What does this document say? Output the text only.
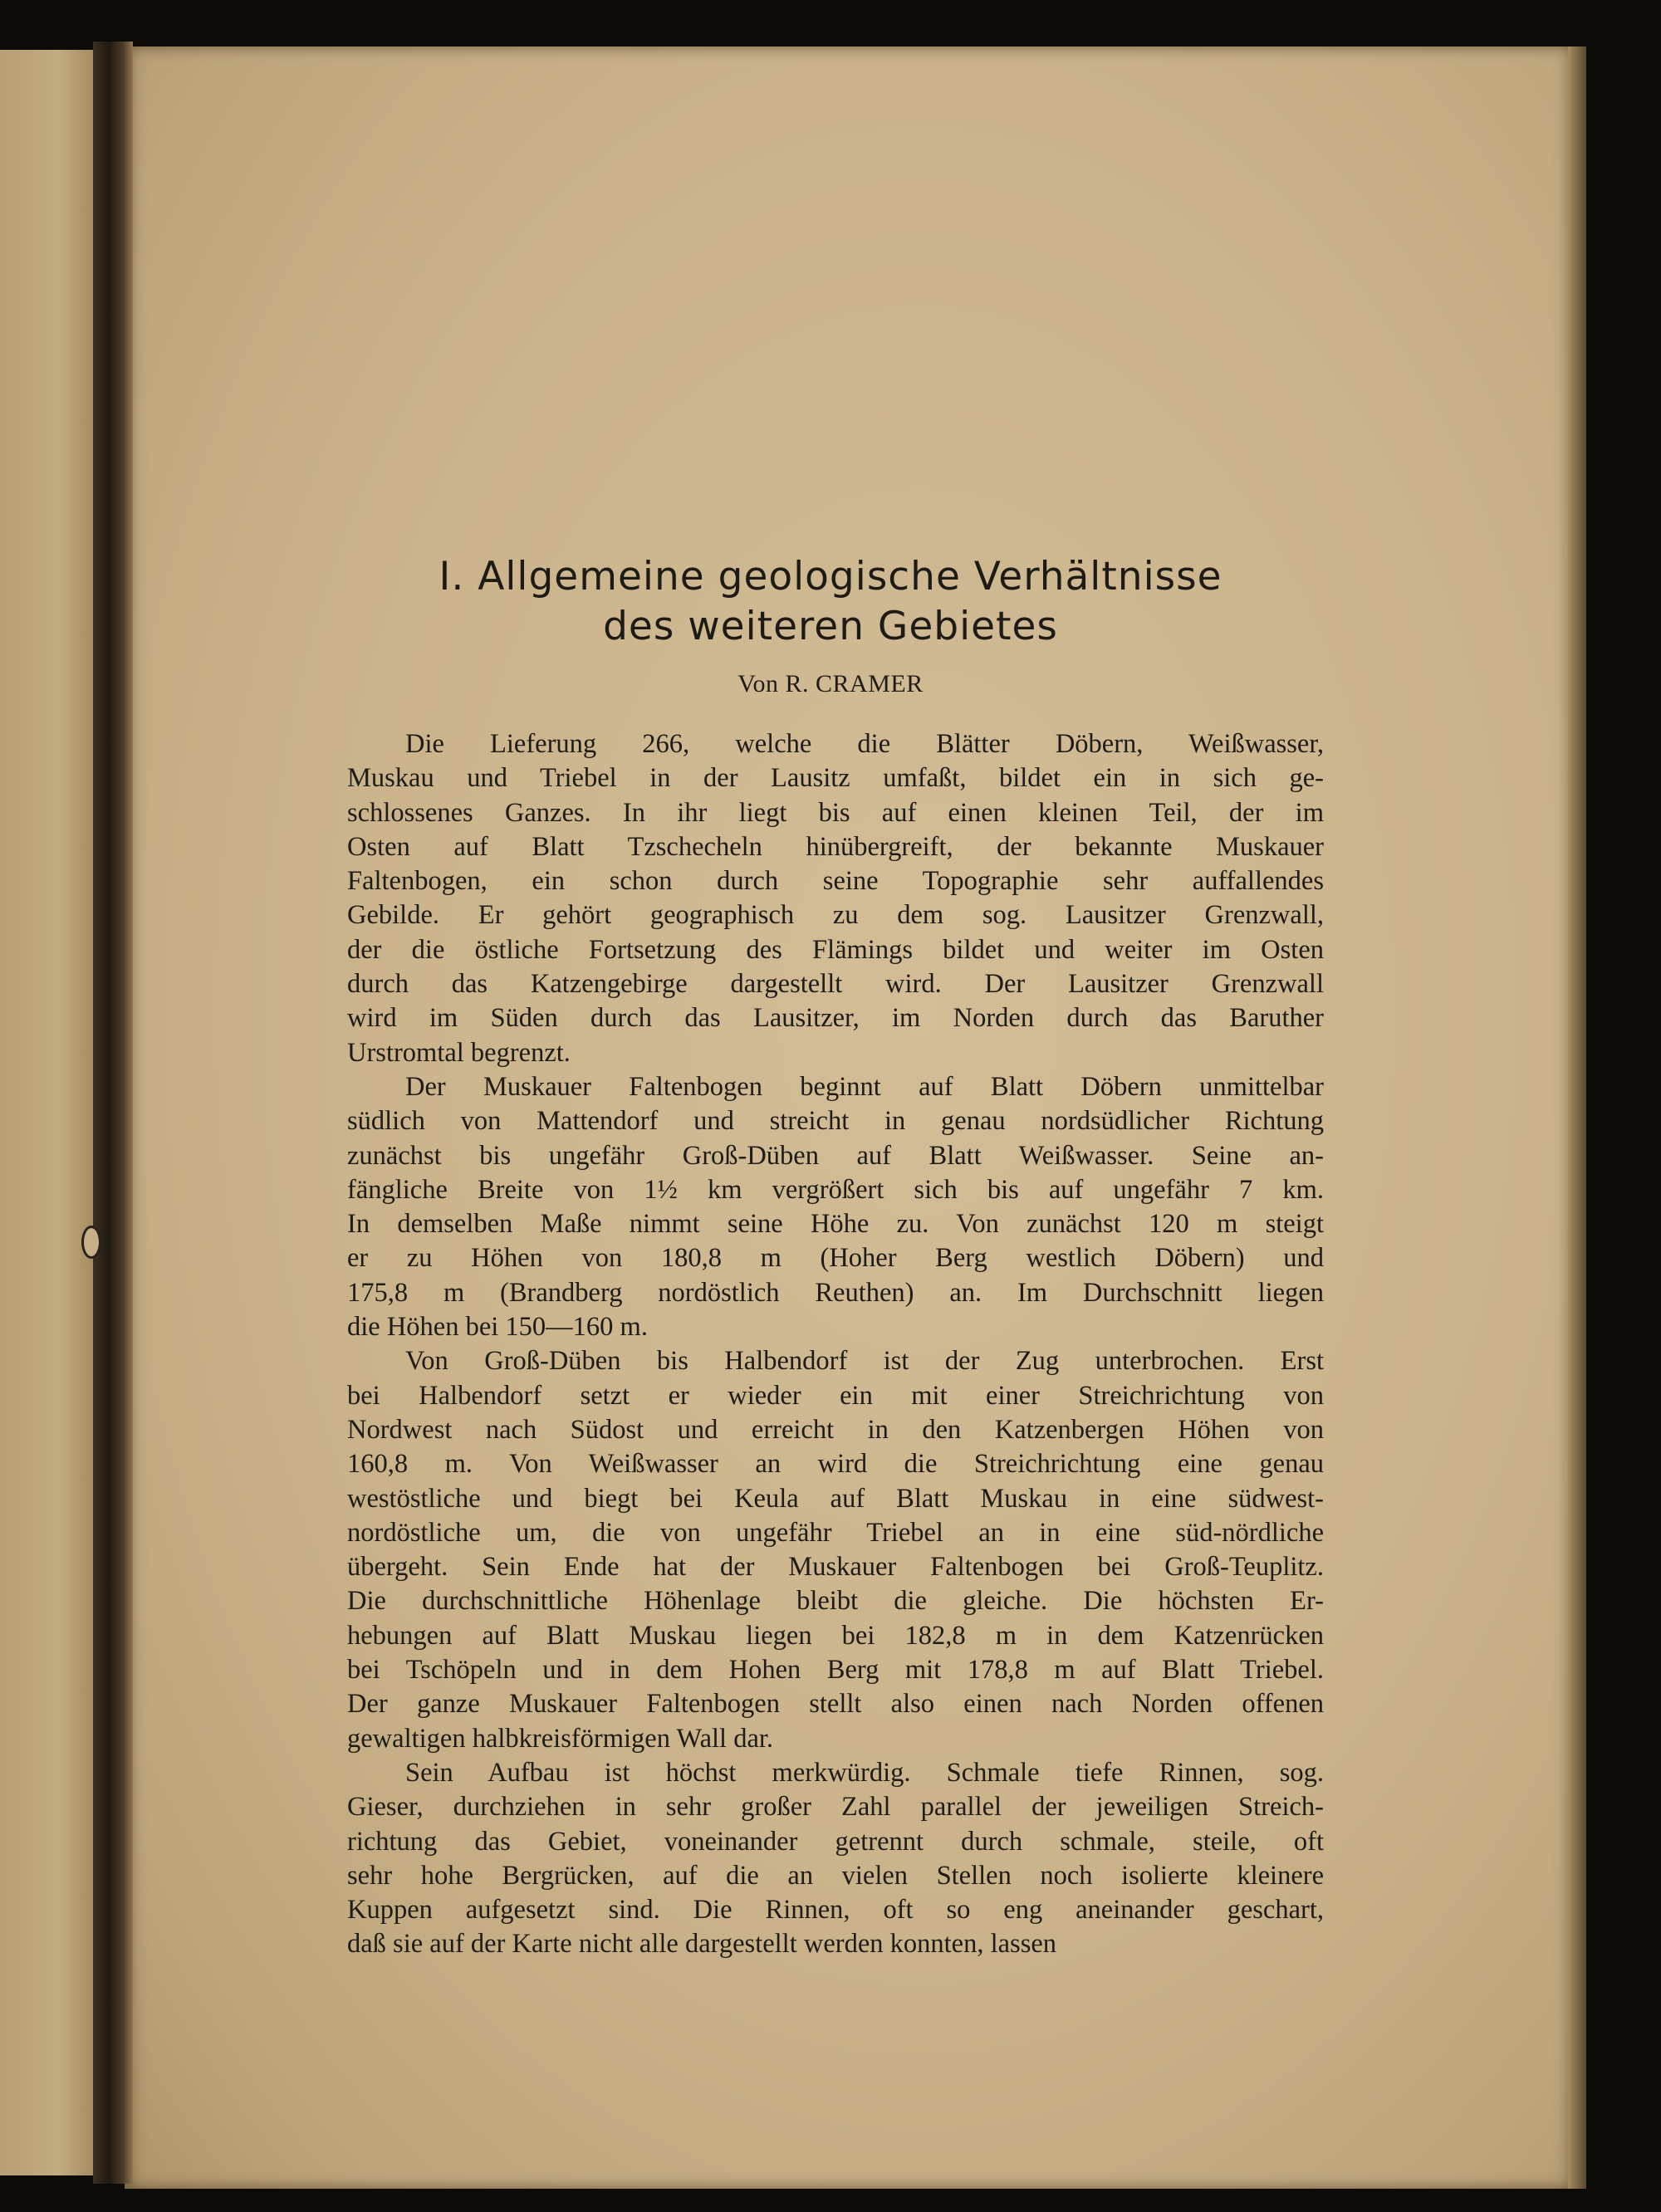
I. Allgemeine geologische Verhältnisse
des weiteren Gebietes
Von R. CRAMER

Die Lieferung 266, welche die Blätter Döbern, Weißwasser,
Muskau und Triebel in der Lausitz umfaßt, bildet ein in sich ge-
schlossenes Ganzes. In ihr liegt bis auf einen kleinen Teil, der im
Osten auf Blatt Tzschecheln hinübergreift, der bekannte Muskauer
Faltenbogen, ein schon durch seine Topographie sehr auffallendes
Gebilde. Er gehört geographisch zu dem sog. Lausitzer Grenzwall,
der die östliche Fortsetzung des Flämings bildet und weiter im Osten
durch das Katzengebirge dargestellt wird. Der Lausitzer Grenzwall
wird im Süden durch das Lausitzer, im Norden durch das Baruther
Urstromtal begrenzt.

Der Muskauer Faltenbogen beginnt auf Blatt Döbern unmittelbar
südlich von Mattendorf und streicht in genau nordsüdlicher Richtung
zunächst bis ungefähr Groß-Düben auf Blatt Weißwasser. Seine an-
fängliche Breite von 1½ km vergrößert sich bis auf ungefähr 7 km.
In demselben Maße nimmt seine Höhe zu. Von zunächst 120 m steigt
er zu Höhen von 180,8 m (Hoher Berg westlich Döbern) und
175,8 m (Brandberg nordöstlich Reuthen) an. Im Durchschnitt liegen
die Höhen bei 150—160 m.

Von Groß-Düben bis Halbendorf ist der Zug unterbrochen. Erst
bei Halbendorf setzt er wieder ein mit einer Streichrichtung von
Nordwest nach Südost und erreicht in den Katzenbergen Höhen von
160,8 m. Von Weißwasser an wird die Streichrichtung eine genau
westöstliche und biegt bei Keula auf Blatt Muskau in eine südwest-
nordöstliche um, die von ungefähr Triebel an in eine süd-nördliche
übergeht. Sein Ende hat der Muskauer Faltenbogen bei Groß-Teuplitz.
Die durchschnittliche Höhenlage bleibt die gleiche. Die höchsten Er-
hebungen auf Blatt Muskau liegen bei 182,8 m in dem Katzenrücken
bei Tschöpeln und in dem Hohen Berg mit 178,8 m auf Blatt Triebel.
Der ganze Muskauer Faltenbogen stellt also einen nach Norden offenen
gewaltigen halbkreisförmigen Wall dar.

Sein Aufbau ist höchst merkwürdig. Schmale tiefe Rinnen, sog.
Gieser, durchziehen in sehr großer Zahl parallel der jeweiligen Streich-
richtung das Gebiet, voneinander getrennt durch schmale, steile, oft
sehr hohe Bergrücken, auf die an vielen Stellen noch isolierte kleinere
Kuppen aufgesetzt sind. Die Rinnen, oft so eng aneinander geschart,
daß sie auf der Karte nicht alle dargestellt werden konnten, lassen
